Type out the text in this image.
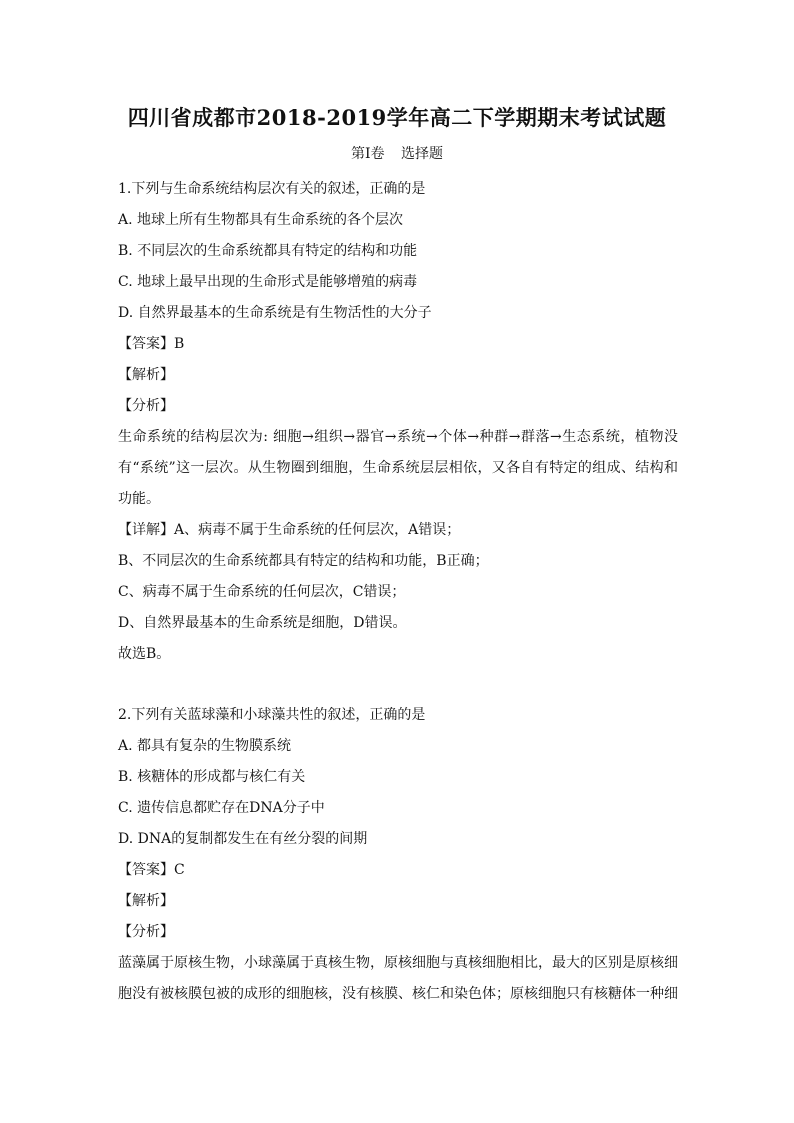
四川省成都市2018-2019学年高二下学期期末考试试题
第I卷 选择题
1.下列与生命系统结构层次有关的叙述，正确的是
A. 地球上所有生物都具有生命系统的各个层次
B. 不同层次的生命系统都具有特定的结构和功能
C. 地球上最早出现的生命形式是能够增殖的病毒
D. 自然界最基本的生命系统是有生物活性的大分子
【答案】B
【解析】
【分析】
生命系统的结构层次为: 细胞→组织→器官→系统→个体→种群→群落→生态系统，植物没有“系统”这一层次。从生物圈到细胞，生命系统层层相依，又各自有特定的组成、结构和功能。
【详解】A、病毒不属于生命系统的任何层次，A错误；
B、不同层次的生命系统都具有特定的结构和功能，B正确；
C、病毒不属于生命系统的任何层次，C错误；
D、自然界最基本的生命系统是细胞，D错误。
故选B。
2.下列有关蓝球藻和小球藻共性的叙述，正确的是
A. 都具有复杂的生物膜系统
B. 核糖体的形成都与核仁有关
C. 遗传信息都贮存在DNA分子中
D. DNA的复制都发生在有丝分裂的间期
【答案】C
【解析】
【分析】
蓝藻属于原核生物，小球藻属于真核生物，原核细胞与真核细胞相比，最大的区别是原核细胞没有被核膜包被的成形的细胞核，没有核膜、核仁和染色体；原核细胞只有核糖体一种细
